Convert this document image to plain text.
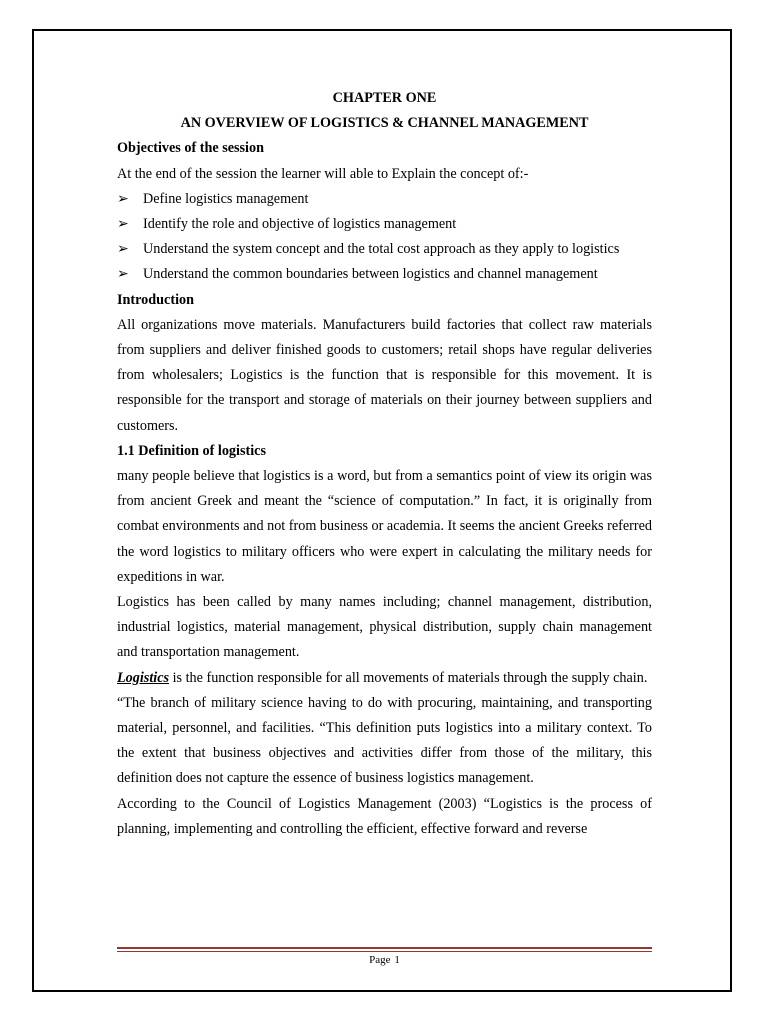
CHAPTER ONE

AN OVERVIEW OF LOGISTICS & CHANNEL MANAGEMENT

Objectives of the session

At the end of the session the learner will able to Explain the concept of:-

➢ Define logistics management
➢ Identify the role and objective of logistics management
➢ Understand the system concept and the total cost approach as they apply to logistics
➢ Understand the common boundaries between logistics and channel management

Introduction

All organizations move materials. Manufacturers build factories that collect raw materials from suppliers and deliver finished goods to customers; retail shops have regular deliveries from wholesalers; Logistics is the function that is responsible for this movement. It is responsible for the transport and storage of materials on their journey between suppliers and customers.

1.1 Definition of logistics

many people believe that logistics is a word, but from a semantics point of view its origin was from ancient Greek and meant the “science of computation.” In fact, it is originally from combat environments and not from business or academia. It seems the ancient Greeks referred the word logistics to military officers who were expert in calculating the military needs for expeditions in war.

Logistics has been called by many names including; channel management, distribution, industrial logistics, material management, physical distribution, supply chain management and transportation management.

Logistics is the function responsible for all movements of materials through the supply chain.

“The branch of military science having to do with procuring, maintaining, and transporting material, personnel, and facilities. “This definition puts logistics into a military context. To the extent that business objectives and activities differ from those of the military, this definition does not capture the essence of business logistics management.

According to the Council of Logistics Management (2003) “Logistics is the process of planning, implementing and controlling the efficient, effective forward and reverse

Page 1
